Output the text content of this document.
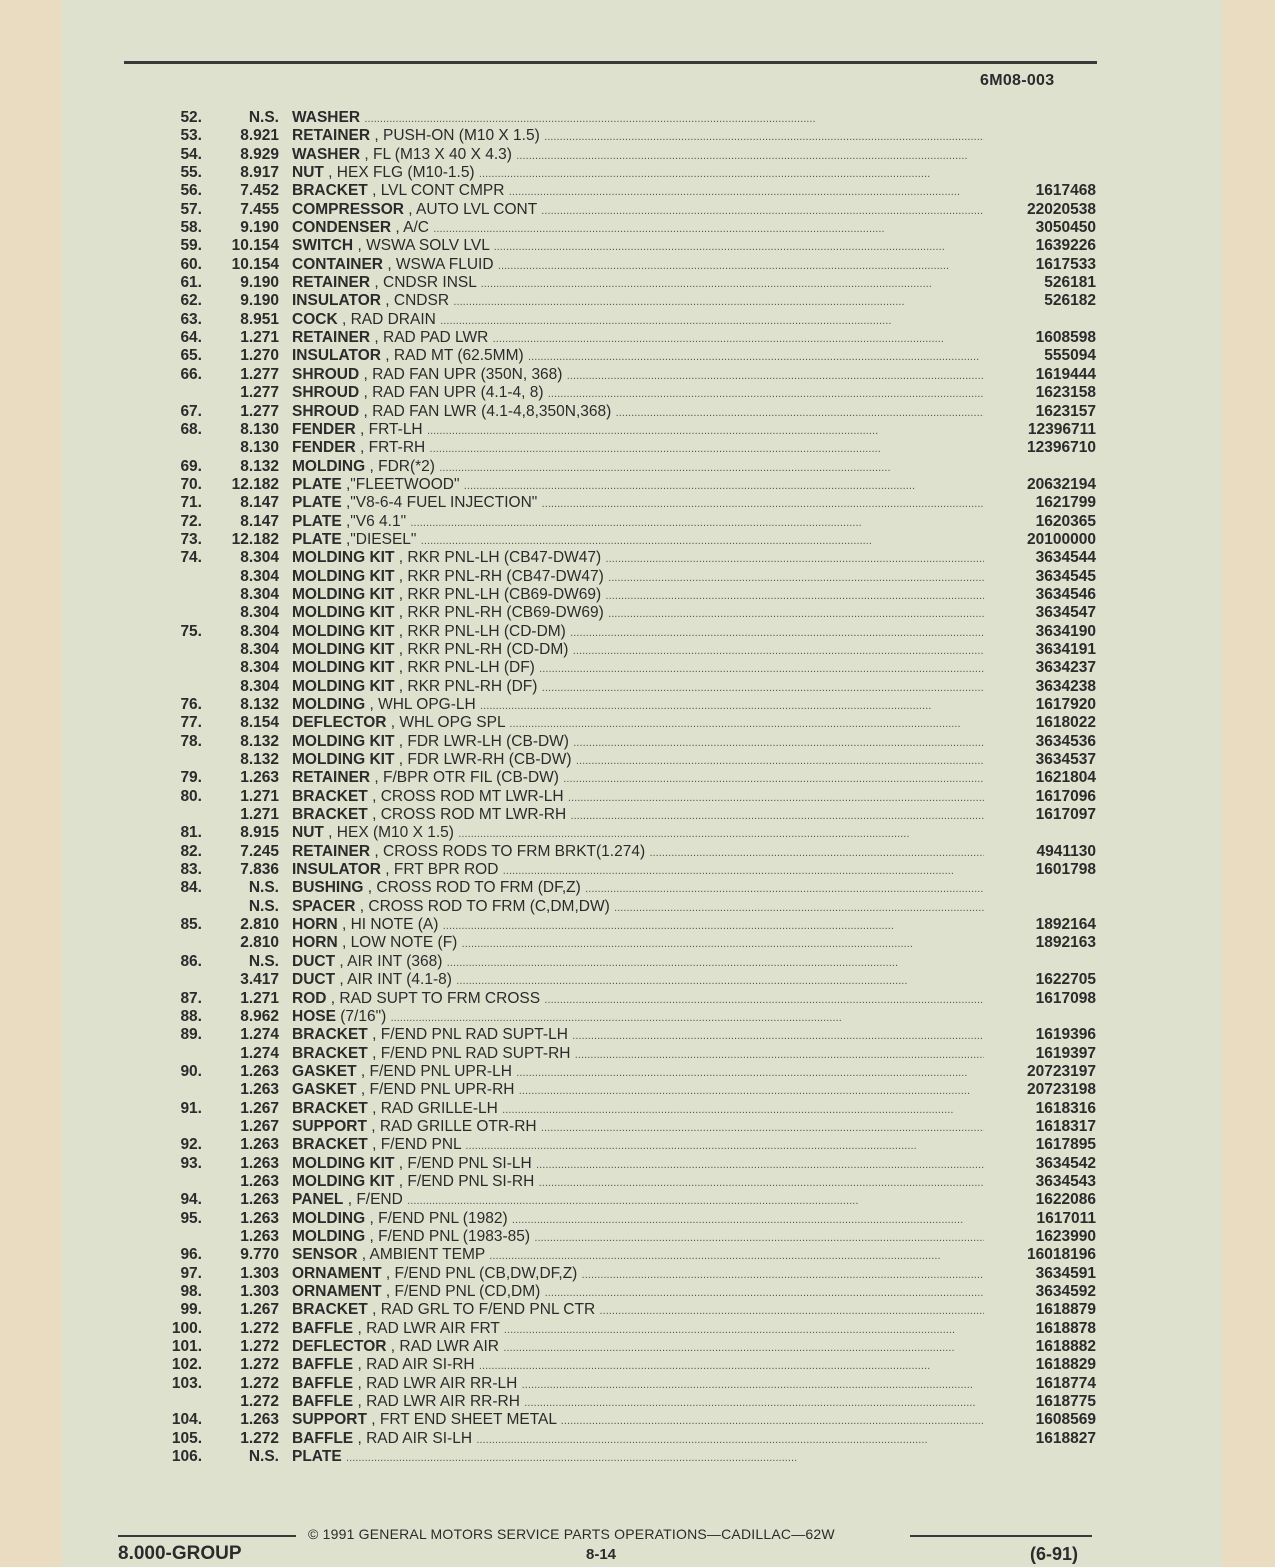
6M08-003
52.	N.S. WASHER . . .
53.	8.921 RETAINER , PUSH-ON (M10 X 1.5) . . .
54.	8.929 WASHER , FL (M13 X 40 X 4.3) . . .
55.	8.917 NUT , HEX FLG (M10-1.5) . . .
56.	7.452 BRACKET , LVL CONT CMPR . . .	1617468
57.	7.455 COMPRESSOR , AUTO LVL CONT . . .	22020538
58.	9.190 CONDENSER , A/C . . .	3050450
59.	10.154 SWITCH , WSWA SOLV LVL . . .	1639226
60.	10.154 CONTAINER , WSWA FLUID . . .	1617533
61.	9.190 RETAINER , CNDSR INSL . . .	526181
62.	9.190 INSULATOR , CNDSR . . .	526182
63.	8.951 COCK , RAD DRAIN . . .
64.	1.271 RETAINER , RAD PAD LWR . . .	1608598
65.	1.270 INSULATOR , RAD MT (62.5MM) . . .	555094
66.	1.277 SHROUD , RAD FAN UPR (350N, 368) . . .	1619444
1.277 SHROUD , RAD FAN UPR (4.1-4, 8) . . .	1623158
67.	1.277 SHROUD , RAD FAN LWR (4.1-4,8,350N,368) . . .	1623157
68.	8.130 FENDER , FRT-LH . . .	12396711
8.130 FENDER , FRT-RH . . .	12396710
69.	8.132 MOLDING , FDR(*2) . . .
70.	12.182 PLATE ,"FLEETWOOD" . . .	20632194
71.	8.147 PLATE ,"V8-6-4 FUEL INJECTION" . . .	1621799
72.	8.147 PLATE ,"V6 4.1" . . .	1620365
73.	12.182 PLATE ,"DIESEL" . . .	20100000
74.	8.304 MOLDING KIT , RKR PNL-LH (CB47-DW47) . . .	3634544
8.304 MOLDING KIT , RKR PNL-RH (CB47-DW47) . . .	3634545
8.304 MOLDING KIT , RKR PNL-LH (CB69-DW69) . . .	3634546
8.304 MOLDING KIT , RKR PNL-RH (CB69-DW69) . . .	3634547
75.	8.304 MOLDING KIT , RKR PNL-LH (CD-DM) . . .	3634190
8.304 MOLDING KIT , RKR PNL-RH (CD-DM) . . .	3634191
8.304 MOLDING KIT , RKR PNL-LH (DF) . . .	3634237
8.304 MOLDING KIT , RKR PNL-RH (DF) . . .	3634238
76.	8.132 MOLDING , WHL OPG-LH . . .	1617920
77.	8.154 DEFLECTOR , WHL OPG SPL . . .	1618022
78.	8.132 MOLDING KIT , FDR LWR-LH (CB-DW) . . .	3634536
8.132 MOLDING KIT , FDR LWR-RH (CB-DW) . . .	3634537
79.	1.263 RETAINER , F/BPR OTR FIL (CB-DW) . . .	1621804
80.	1.271 BRACKET , CROSS ROD MT LWR-LH . . .	1617096
1.271 BRACKET , CROSS ROD MT LWR-RH . . .	1617097
81.	8.915 NUT , HEX (M10 X 1.5) . . .
82.	7.245 RETAINER , CROSS RODS TO FRM BRKT(1.274) . . .	4941130
83.	7.836 INSULATOR , FRT BPR ROD . . .	1601798
84.	N.S. BUSHING , CROSS ROD TO FRM (DF,Z) . . .
N.S. SPACER , CROSS ROD TO FRM (C,DM,DW) . . .
85.	2.810 HORN , HI NOTE (A) . . .	1892164
2.810 HORN , LOW NOTE (F) . . .	1892163
86.	N.S. DUCT , AIR INT (368) . . .
3.417 DUCT , AIR INT (4.1-8) . . .	1622705
87.	1.271 ROD , RAD SUPT TO FRM CROSS . . .	1617098
88.	8.962 HOSE (7/16") . . .
89.	1.274 BRACKET , F/END PNL RAD SUPT-LH . . .	1619396
1.274 BRACKET , F/END PNL RAD SUPT-RH . . .	1619397
90.	1.263 GASKET , F/END PNL UPR-LH . . .	20723197
1.263 GASKET , F/END PNL UPR-RH . . .	20723198
91.	1.267 BRACKET , RAD GRILLE-LH . . .	1618316
1.267 SUPPORT , RAD GRILLE OTR-RH . . .	1618317
92.	1.263 BRACKET , F/END PNL . . .	1617895
93.	1.263 MOLDING KIT , F/END PNL SI-LH . . .	3634542
1.263 MOLDING KIT , F/END PNL SI-RH . . .	3634543
94.	1.263 PANEL , F/END . . .	1622086
95.	1.263 MOLDING , F/END PNL (1982) . . .	1617011
1.263 MOLDING , F/END PNL (1983-85) . . .	1623990
96.	9.770 SENSOR , AMBIENT TEMP . . .	16018196
97.	1.303 ORNAMENT , F/END PNL (CB,DW,DF,Z) . . .	3634591
98.	1.303 ORNAMENT , F/END PNL (CD,DM) . . .	3634592
99.	1.267 BRACKET , RAD GRL TO F/END PNL CTR . . .	1618879
100.	1.272 BAFFLE , RAD LWR AIR FRT . . .	1618878
101.	1.272 DEFLECTOR , RAD LWR AIR . . .	1618882
102.	1.272 BAFFLE , RAD AIR SI-RH . . .	1618829
103.	1.272 BAFFLE , RAD LWR AIR RR-LH . . .	1618774
1.272 BAFFLE , RAD LWR AIR RR-RH . . .	1618775
104.	1.263 SUPPORT , FRT END SHEET METAL . . .	1608569
105.	1.272 BAFFLE , RAD AIR SI-LH . . .	1618827
106.	N.S. PLATE . . .
© 1991 GENERAL MOTORS SERVICE PARTS OPERATIONS—CADILLAC—62W
8.000-GROUP	8-14	(6-91)
